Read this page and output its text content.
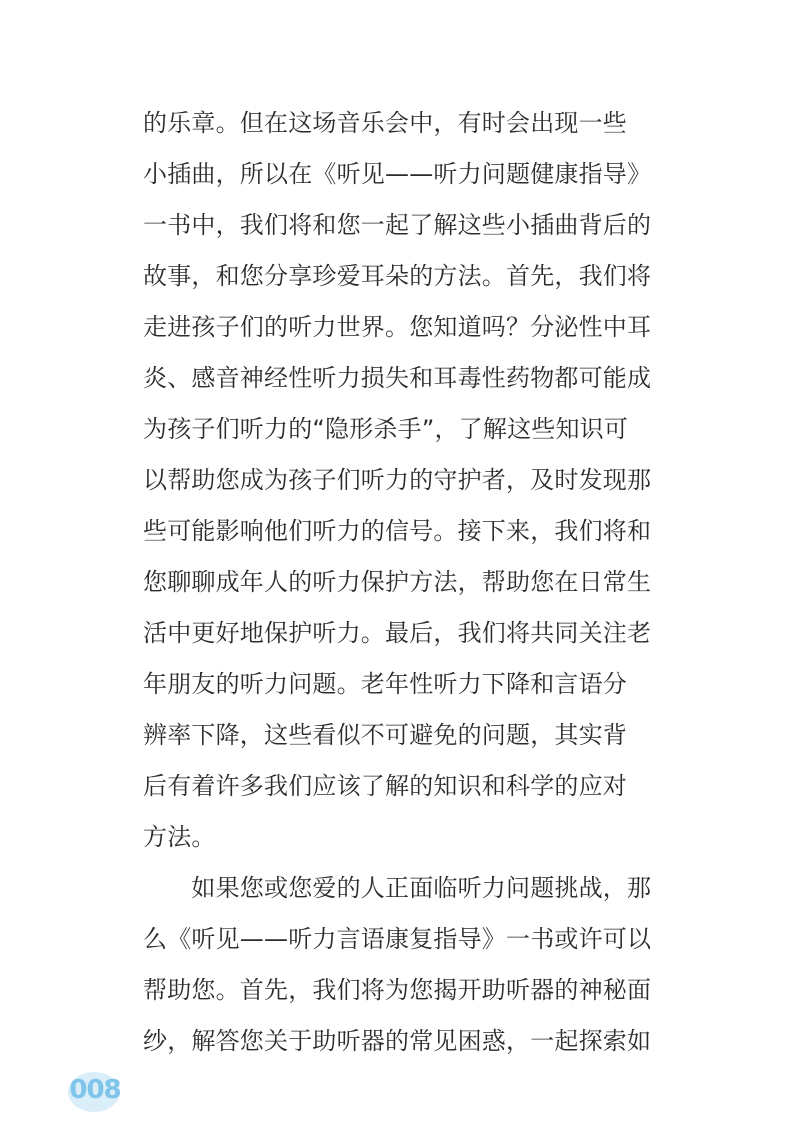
的乐章。但在这场音乐会中，有时会出现一些
小插曲，所以在《听见——听力问题健康指导》
一书中，我们将和您一起了解这些小插曲背后的
故事，和您分享珍爱耳朵的方法。首先，我们将
走进孩子们的听力世界。您知道吗？分泌性中耳
炎、感音神经性听力损失和耳毒性药物都可能成
为孩子们听力的“隐形杀手”，了解这些知识可
以帮助您成为孩子们听力的守护者，及时发现那
些可能影响他们听力的信号。接下来，我们将和
您聊聊成年人的听力保护方法，帮助您在日常生
活中更好地保护听力。最后，我们将共同关注老
年朋友的听力问题。老年性听力下降和言语分
辨率下降，这些看似不可避免的问题，其实背
后有着许多我们应该了解的知识和科学的应对
方法。
　　如果您或您爱的人正面临听力问题挑战，那
么《听见——听力言语康复指导》一书或许可以
帮助您。首先，我们将为您揭开助听器的神秘面
纱，解答您关于助听器的常见困惑，一起探索如
008
